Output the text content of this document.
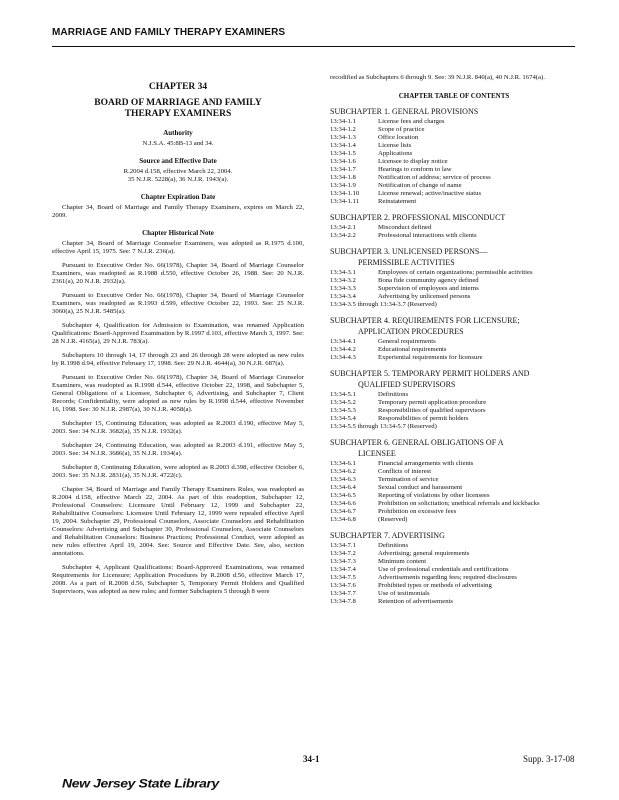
MARRIAGE AND FAMILY THERAPY EXAMINERS
CHAPTER 34
BOARD OF MARRIAGE AND FAMILY
THERAPY EXAMINERS
Authority
N.J.S.A. 45:8B-13 and 34.
Source and Effective Date
R.2004 d.158, effective March 22, 2004.
35 N.J.R. 5228(a), 36 N.J.R. 1943(a).
Chapter Expiration Date

Chapter 34, Board of Marriage and Family Therapy Examiners, expires on March 22, 2009.

Chapter Historical Note

Chapter 34, Board of Marriage Counselor Examiners, was adopted as R.1975 d.100, effective April 15, 1975. See: 7 N.J.R. 236(a).

Pursuant to Executive Order No. 66(1978), Chapter 34, Board of Marriage Counselor Examiners, was readopted as R.1988 d.550, effective October 26, 1988. See: 20 N.J.R. 2361(a), 20 N.J.R. 2932(a).

Pursuant to Executive Order No. 66(1978), Chapter 34, Board of Marriage Counselor Examiners, was readopted as R.1993 d.599, effective October 22, 1993. See: 25 N.J.R. 3060(a), 25 N.J.R. 5485(a).

Subchapter 4, Qualification for Admission to Examination, was renamed Application Qualifications: Board-Approved Examination by R.1997 d.103, effective March 3, 1997. See: 28 N.J.R. 4165(a), 29 N.J.R. 783(a).

Subchapters 10 through 14, 17 through 23 and 26 through 28 were adopted as new rules by R.1998 d.94, effective February 17, 1998. See: 29 N.J.R. 4644(a), 30 N.J.R. 687(a).

Pursuant to Executive Order No. 66(1978), Chapter 34, Board of Marriage Counselor Examiners, was readopted as R.1998 d.544, effective October 22, 1998, and Subchapter 5, General Obligations of a Licensee, Subchapter 6, Advertising, and Subchapter 7, Client Records; Confidentiality, were adopted as new rules by R.1998 d.544, effective November 16, 1998. See: 30 N.J.R. 2987(a), 30 N.J.R. 4058(a).

Subchapter 15, Continuing Education, was adopted as R.2003 d.190, effective May 5, 2003. See: 34 N.J.R. 3682(a), 35 N.J.R. 1932(a).

Subchapter 24, Continuing Education, was adopted as R.2003 d.191, effective May 5, 2003. See: 34 N.J.R. 3686(a), 35 N.J.R. 1934(a).

Subchapter 8, Continuing Education, were adopted as R.2003 d.398, effective October 6, 2003. See: 35 N.J.R. 2831(a), 35 N.J.R. 4722(c).

Chapter 34, Board of Marriage and Family Therapy Examiners Rules, was readopted as R.2004 d.158, effective March 22, 2004. As part of this readoption, Subchapter 12, Professional Counselors: Licensure Until February 12, 1999 and Subchapter 22, Rehabilitative Counselors: Licensure Until February 12, 1999 were repealed effective April 19, 2004. Subchapter 29, Professional Counselors, Associate Counselors and Rehabilitation Counselors: Advertising and Subchapter 30, Professional Counselors, Associate Counselors and Rehabilitation Counselors: Business Practices; Professional Conduct, were adopted as new rules effective April 19, 2004. See: Source and Effective Date. See, also, section annotations.

Subchapter 4, Applicant Qualifications: Board-Approved Examinations, was renamed Requirements for Licensure; Application Procedures by R.2008 d.56, effective March 17, 2008. As a part of R.2008 d.56, Subchapter 5, Temporary Permit Holders and Qualified Supervisors, was adopted as new rules; and former Subchapters 5 through 8 were

recodified as Subchapters 6 through 9. See: 39 N.J.R. 840(a), 40 N.J.R. 1674(a).

CHAPTER TABLE OF CONTENTS
SUBCHAPTER 1. GENERAL PROVISIONS
13:34-1.1	License fees and charges
13:34-1.2	Scope of practice
13:34-1.3	Office location
13:34-1.4	License lists
13:34-1.5	Applications
13:34-1.6	Licensee to display notice
13:34-1.7	Hearings to conform to law
13:34-1.8	Notification of address; service of process
13:34-1.9	Notification of change of name
13:34-1.10	License renewal; active/inactive status
13:34-1.11	Reinstatement
SUBCHAPTER 2. PROFESSIONAL MISCONDUCT
13:34-2.1	Misconduct defined
13:34-2.2	Professional interactions with clients
SUBCHAPTER 3. UNLICENSED PERSONS—
PERMISSIBLE ACTIVITIES
13:34-3.1	Employees of certain organizations; permissible activities
13:34-3.2	Bona fide community agency defined
13:34-3.3	Supervision of employees and interns
13:34-3.4	Advertising by unlicensed persons
13:34-3.5 through 13:34-3.7 (Reserved)
SUBCHAPTER 4. REQUIREMENTS FOR LICENSURE;
APPLICATION PROCEDURES
13:34-4.1	General requirements
13:34-4.2	Educational requirements
13:34-4.3	Experiential requirements for licensure
SUBCHAPTER 5. TEMPORARY PERMIT HOLDERS AND
QUALIFIED SUPERVISORS
13:34-5.1	Definitions
13:34-5.2	Temporary permit application procedure
13:34-5.3	Responsibilities of qualified supervisors
13:34-5.4	Responsibilities of permit holders
13:34-5.5 through 13:34-5.7 (Reserved)
SUBCHAPTER 6. GENERAL OBLIGATIONS OF A
LICENSEE
13:34-6.1	Financial arrangements with clients
13:34-6.2	Conflicts of interest
13:34-6.3	Termination of service
13:34-6.4	Sexual conduct and harassment
13:34-6.5	Reporting of violations by other licensees
13:34-6.6	Prohibition on solicitation; unethical referrals and kickbacks
13:34-6.7	Prohibition on excessive fees
13:34-6.8	(Reserved)
SUBCHAPTER 7. ADVERTISING
13:34-7.1	Definitions
13:34-7.2	Advertising; general requirements
13:34-7.3	Minimum content
13:34-7.4	Use of professional credentials and certifications
13:34-7.5	Advertisements regarding fees; required disclosures
13:34-7.6	Prohibited types or methods of advertising
13:34-7.7	Use of testimonials
13:34-7.8	Retention of advertisements
34-1	Supp. 3-17-08
New Jersey State Library
